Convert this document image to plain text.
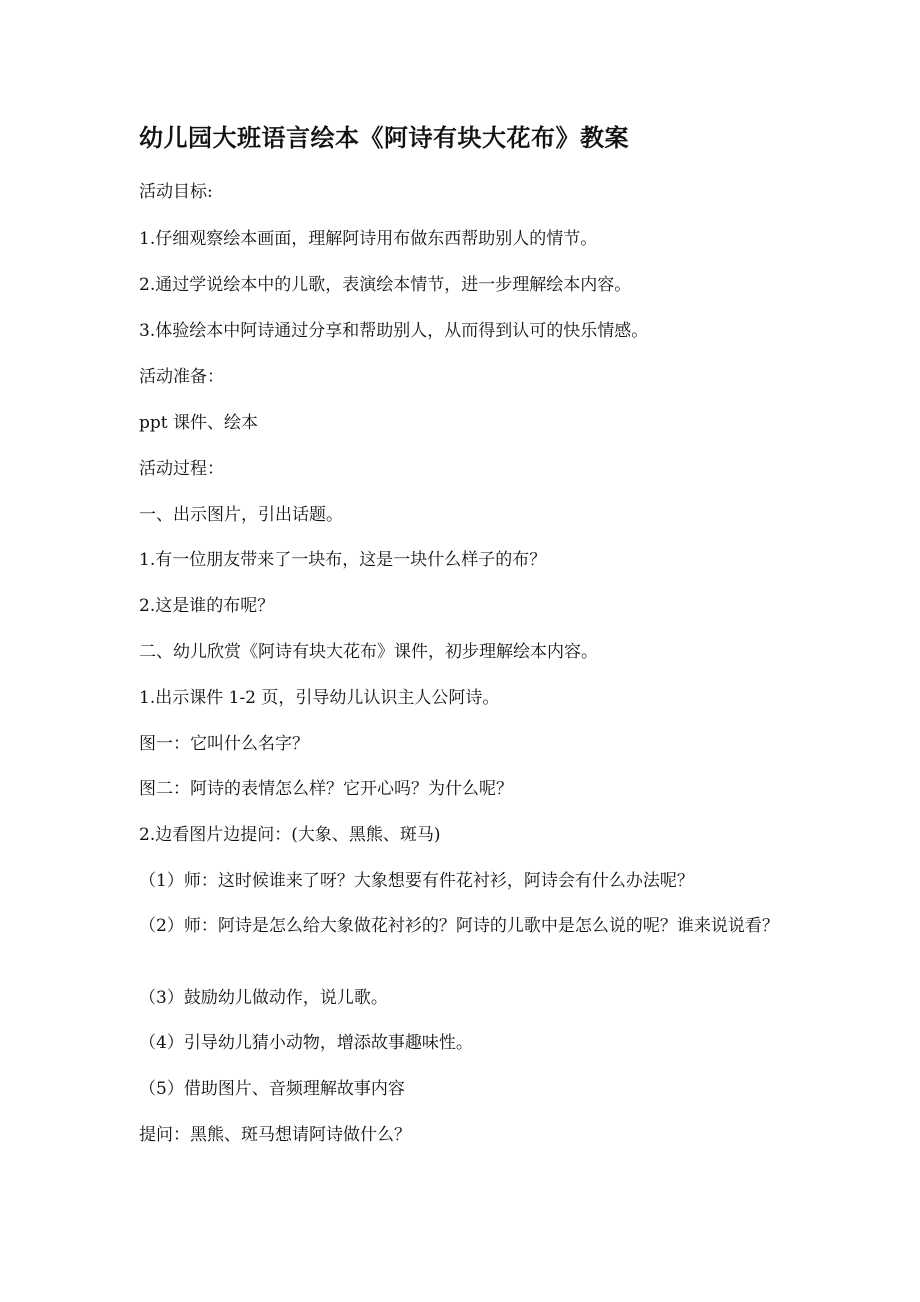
幼儿园大班语言绘本《阿诗有块大花布》教案

活动目标:

1.仔细观察绘本画面，理解阿诗用布做东西帮助别人的情节。

2.通过学说绘本中的儿歌，表演绘本情节，进一步理解绘本内容。

3.体验绘本中阿诗通过分享和帮助别人，从而得到认可的快乐情感。

活动准备：

ppt 课件、绘本

活动过程：

一、出示图片，引出话题。

1.有一位朋友带来了一块布，这是一块什么样子的布？

2.这是谁的布呢？

二、幼儿欣赏《阿诗有块大花布》课件，初步理解绘本内容。

1.出示课件 1-2 页，引导幼儿认识主人公阿诗。

图一：它叫什么名字？

图二：阿诗的表情怎么样？它开心吗？为什么呢？

2.边看图片边提问：(大象、黑熊、斑马)

（1）师：这时候谁来了呀？大象想要有件花衬衫，阿诗会有什么办法呢？

（2）师：阿诗是怎么给大象做花衬衫的？阿诗的儿歌中是怎么说的呢？谁来说说看？

（3）鼓励幼儿做动作，说儿歌。

（4）引导幼儿猜小动物，增添故事趣味性。

（5）借助图片、音频理解故事内容

提问：黑熊、斑马想请阿诗做什么？
